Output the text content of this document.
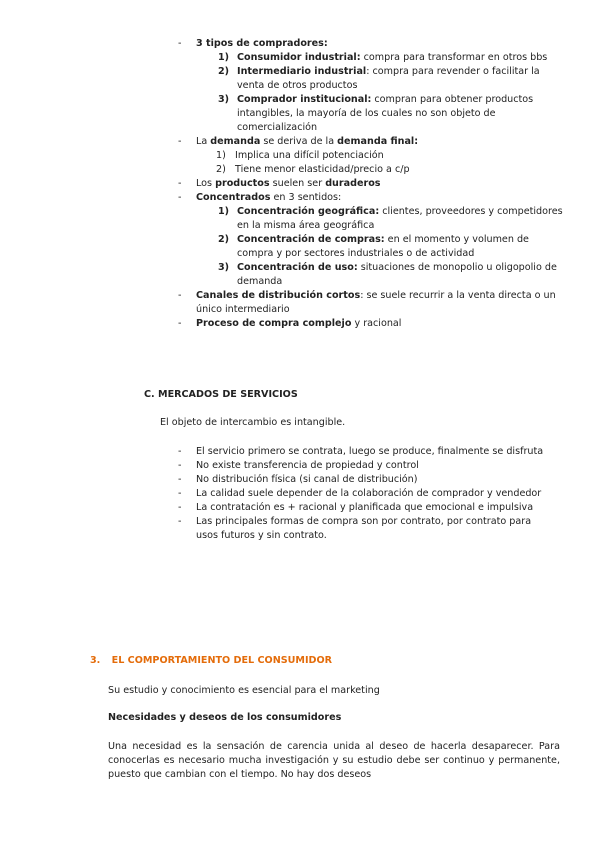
- 3 tipos de compradores:
1) Consumidor industrial: compra para transformar en otros bbs
2) Intermediario industrial: compra para revender o facilitar la venta de otros productos
3) Comprador institucional: compran para obtener productos intangibles, la mayoría de los cuales no son objeto de comercialización
- La demanda se deriva de la demanda final:
1) Implica una difícil potenciación
2) Tiene menor elasticidad/precio a c/p
- Los productos suelen ser duraderos
- Concentrados en 3 sentidos:
1) Concentración geográfica: clientes, proveedores y competidores en la misma área geográfica
2) Concentración de compras: en el momento y volumen de compra y por sectores industriales o de actividad
3) Concentración de uso: situaciones de monopolio u oligopolio de demanda
- Canales de distribución cortos: se suele recurrir a la venta directa o un único intermediario
- Proceso de compra complejo y racional
C. MERCADOS DE SERVICIOS
El objeto de intercambio es intangible.
- El servicio primero se contrata, luego se produce, finalmente se disfruta
- No existe transferencia de propiedad y control
- No distribución física (si canal de distribución)
- La calidad suele depender de la colaboración de comprador y vendedor
- La contratación es + racional y planificada que emocional e impulsiva
- Las principales formas de compra son por contrato, por contrato para usos futuros y sin contrato.
3. EL COMPORTAMIENTO DEL CONSUMIDOR
Su estudio y conocimiento es esencial para el marketing
Necesidades y deseos de los consumidores
Una necesidad es la sensación de carencia unida al deseo de hacerla desaparecer. Para conocerlas es necesario mucha investigación y su estudio debe ser continuo y permanente, puesto que cambian con el tiempo. No hay dos deseos
